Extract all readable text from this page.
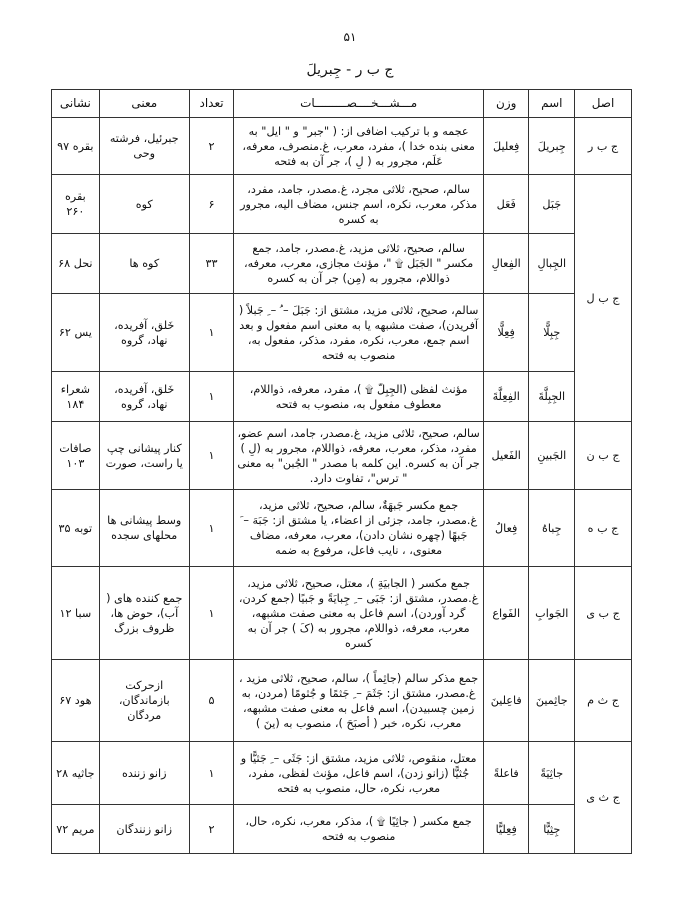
۵۱
ج ب ر - جِبریلَ
اصل	اسم	وزن	مـــشـــخــــصـــــــــات	تعداد	معنی	نشانی
ج ب ر	جِبریلَ	فِعلیلَ	عجمه و با ترکیب اضافی از: ( "جبر" و " ایل" به معنی بنده خدا )، مفرد، معرب، غ.منصرف، معرفه، عَلَم، مجرور به ( لِ )، جر آن به فتحه	۲	جبرئیل، فرشته وحی	بقره ۹۷
ج ب ل	جَبَل	فَعَل	سالم، صحیح، ثلاثی مجرد، غ.مصدر، جامد، مفرد، مذکر، معرب، نکره، اسم جنس، مضاف الیه، مجرور به کسره	۶	کوه	بقره ۲۶۰
	الجِبالِ	الفِعالِ	سالم، صحیح، ثلاثی مزید، غ.مصدر، جامد، جمع مکسر " الجَبَل ۩ "، مؤنث مجازی، معرب، معرفه، ذواللام، مجرور به (مِن) جر آن به کسره	۳۳	کوه ها	نحل ۶۸
	جِبِلًّا	فِعِلًّا	سالم، صحیح، ثلاثی مزید، مشتق از: جَبَلَ – ُ – ِ جَبلاً ( آفریدن)، صفت مشبهه یا به معنی اسم مفعول و بعد اسم جمع، معرب، نکره، مفرد، مذکر، مفعول به، منصوب به فتحه	۱	خَلق، آفریده، نهاد، گروه	یس ۶۲
	الجِبِلَّةَ	الفِعِلَّةَ	مؤنث لفظی (الجِبِلّ ۩ )، مفرد، معرفه، ذواللام، معطوف مفعول به، منصوب به فتحه	۱	خَلق، آفریده، نهاد، گروه	شعراء ۱۸۴
ج ب ن	الجَبینِ	الفَعیل	سالم، صحیح، ثلاثی مزید، غ.مصدر، جامد، اسم عضو، مفرد، مذکر، معرب، معرفه، ذواللام، مجرور به (لِ ) جر آن به کسره. این کلمه با مصدر " الجُبن" به معنی " ترس"، تفاوت دارد.	۱	کنار پیشانی چپ یا راست، صورت	صافات ۱۰۳
ج ب ه	جِباهُ	فِعالُ	جمع مکسر جَبهَةٌ، سالم، صحیح، ثلاثی مزید، غ.مصدر، جامد، جزئی از اعضاء، یا مشتق از: جَبَهَ – َ جَبهًا (چهره نشان دادن)، معرب، معرفه، مضاف معنوی، ، نایب فاعل، مرفوع به ضمه	۱	وسط پیشانی ها محلهای سجده	توبه ۳۵
ج ب ی	الجَوابِ	الفَواع	جمع مکسر ( الجابیَةِ )، معتل، صحیح، ثلاثی مزید، غ.مصدر، مشتق از: جَبَی – ِ جِبایَةً و جَبیًا (جمع کردن، گرد آوردن)، اسم فاعل به معنی صفت مشبهه، معرب، معرفه، ذواللام، مجرور به (کَ ) جر آن به کسره	۱	جمع کننده های ( آب)، حوض ها، ظروف بزرگ	سبا ۱۲
ج ث م	جاثِمینَ	فاعِلینَ	جمع مذکر سالم (جاثِماً )، سالم، صحیح، ثلاثی مزید ، غ.مصدر، مشتق از: جَثَمَ – ِ جَثمًا و جُثومًا (مردن، به زمین چسبیدن)، اسم فاعل به معنی صفت مشبهه، معرب، نکره، خبر ( أصبَحَ )، منصوب به (ینَ )	۵	ازحرکت بازماندگان، مردگان	هود ۶۷
ج ث ی	جاثِیَةً	فاعلةً	معتل، منقوص، ثلاثی مزید، مشتق از: جَثَی – ِ جَثیًّا و جُثیًّا (زانو زدن)، اسم فاعل، مؤنث لفظی، مفرد، معرب، نکره، حال، منصوب به فتحه	۱	زانو زننده	جاثیه ۲۸
	جِثِیًّا	فِعِلیًّا	جمع مکسر ( جاثِیًا ۩ )، مذکر، معرب، نکره، حال، منصوب به فتحه	۲	زانو زنندگان	مریم ۷۲
